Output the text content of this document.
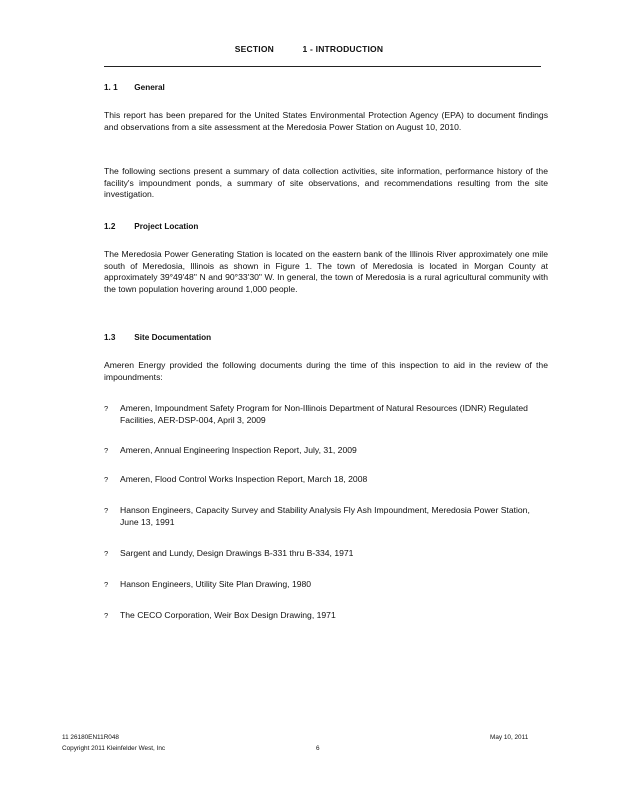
SECTION	1 - INTRODUCTION
1. 1 General
This report has been prepared for the United States Environmental Protection Agency (EPA) to document findings and observations from a site assessment at the Meredosia Power Station on August 10, 2010.
The following sections present a summary of data collection activities, site information, performance history of the facility's impoundment ponds, a summary of site observations, and recommendations resulting from the site investigation.
1.2 Project Location
The Meredosia Power Generating Station is located on the eastern bank of the Illinois River approximately one mile south of Meredosia, Illinois as shown in Figure 1. The town of Meredosia is located in Morgan County at approximately 39°49'48" N and 90°33'30" W. In general, the town of Meredosia is a rural agricultural community with the town population hovering around 1,000 people.
1.3 Site Documentation
Ameren Energy provided the following documents during the time of this inspection to aid in the review of the impoundments:
? Ameren, Impoundment Safety Program for Non-Illinois Department of Natural Resources (IDNR) Regulated Facilities, AER-DSP-004, April 3, 2009
? Ameren, Annual Engineering Inspection Report, July, 31, 2009
? Ameren, Flood Control Works Inspection Report, March 18, 2008
? Hanson Engineers, Capacity Survey and Stability Analysis Fly Ash Impoundment, Meredosia Power Station, June 13, 1991
? Sargent and Lundy, Design Drawings B-331 thru B-334, 1971
? Hanson Engineers, Utility Site Plan Drawing, 1980
? The CECO Corporation, Weir Box Design Drawing, 1971
11 26180EN11R048
Copyright 2011 Kleinfelder West, Inc	6
May 10, 2011
